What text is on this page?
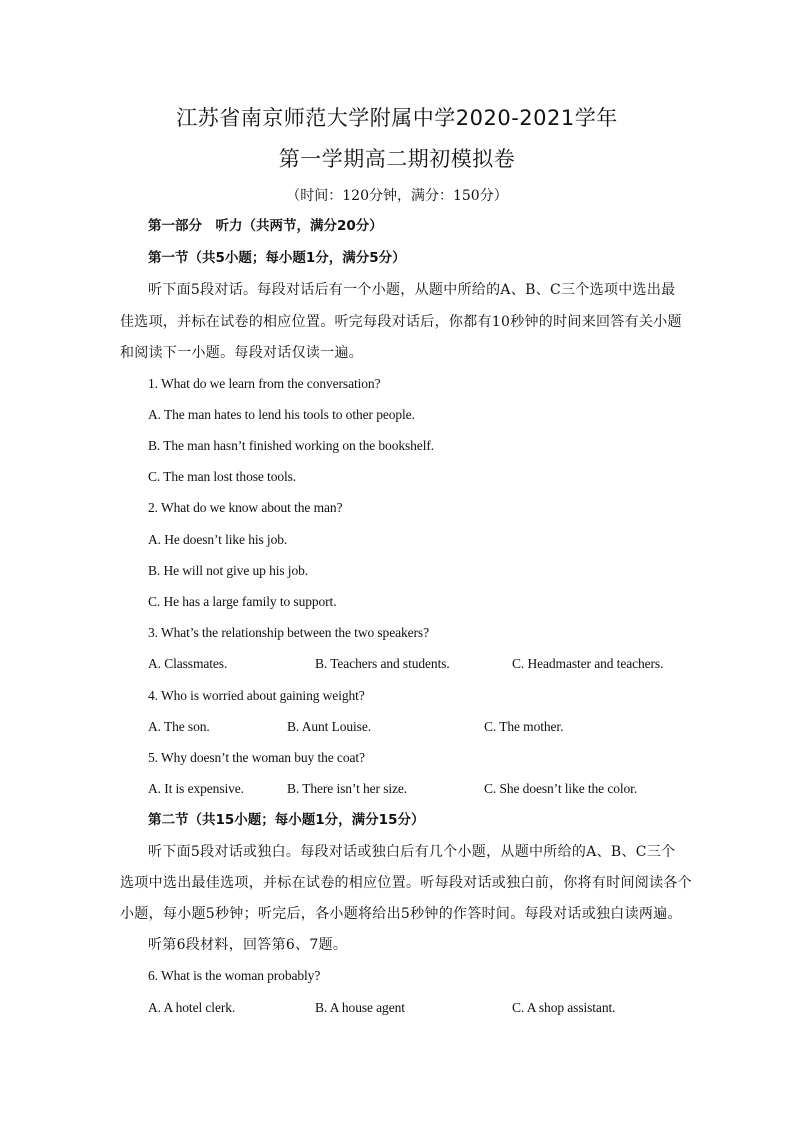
江苏省南京师范大学附属中学2020-2021学年
第一学期高二期初模拟卷
（时间：120分钟，满分：150分）
第一部分　听力（共两节，满分20分）
第一节（共5小题；每小题1分，满分5分）
听下面5段对话。每段对话后有一个小题，从题中所给的A、B、C三个选项中选出最
佳选项，并标在试卷的相应位置。听完每段对话后，你都有10秒钟的时间来回答有关小题
和阅读下一小题。每段对话仅读一遍。
1. What do we learn from the conversation?
A. The man hates to lend his tools to other people.
B. The man hasn’t finished working on the bookshelf.
C. The man lost those tools.
2. What do we know about the man?
A. He doesn’t like his job.
B. He will not give up his job.
C. He has a large family to support.
3. What’s the relationship between the two speakers?
A. Classmates.	B. Teachers and students.	C. Headmaster and teachers.
4. Who is worried about gaining weight?
A. The son.	B. Aunt Louise.	C. The mother.
5. Why doesn’t the woman buy the coat?
A. It is expensive.	B. There isn’t her size.	C. She doesn’t like the color.
第二节（共15小题；每小题1分，满分15分）
听下面5段对话或独白。每段对话或独白后有几个小题，从题中所给的A、B、C三个
选项中选出最佳选项，并标在试卷的相应位置。听每段对话或独白前，你将有时间阅读各个
小题，每小题5秒钟；听完后，各小题将给出5秒钟的作答时间。每段对话或独白读两遍。
听第6段材料，回答第6、7题。
6. What is the woman probably?
A. A hotel clerk.	B. A house agent	C. A shop assistant.
